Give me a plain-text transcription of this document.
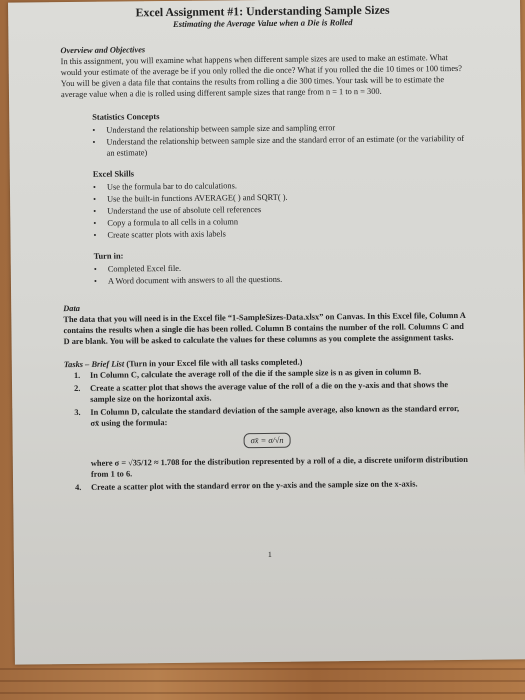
Excel Assignment #1: Understanding Sample Sizes

Estimating the Average Value when a Die is Rolled

Overview and Objectives

In this assignment, you will examine what happens when different sample sizes are used to make an estimate. What would your estimate of the average be if you only rolled the die once? What if you rolled the die 10 times or 100 times? You will be given a data file that contains the results from rolling a die 300 times. Your task will be to estimate the average value when a die is rolled using different sample sizes that range from n = 1 to n = 300.

Statistics Concepts

• Understand the relationship between sample size and sampling error
• Understand the relationship between sample size and the standard error of an estimate (or the variability of an estimate)

Excel Skills

• Use the formula bar to do calculations.
• Use the built-in functions AVERAGE( ) and SQRT( ).
• Understand the use of absolute cell references
• Copy a formula to all cells in a column
• Create scatter plots with axis labels

Turn in:

• Completed Excel file.
• A Word document with answers to all the questions.

Data

The data that you will need is in the Excel file “1-SampleSizes-Data.xlsx” on Canvas. In this Excel file, Column A contains the results when a single die has been rolled. Column B contains the number of the roll. Columns C and D are blank. You will be asked to calculate the values for these columns as you complete the assignment tasks.

Tasks – Brief List (Turn in your Excel file with all tasks completed.)

1. In Column C, calculate the average roll of the die if the sample size is n as given in column B.
2. Create a scatter plot that shows the average value of the roll of a die on the y-axis and that shows the sample size on the horizontal axis.
3. In Column D, calculate the standard deviation of the sample average, also known as the standard error, σx̄ using the formula:
σx̄ = σ/√n

where σ = √35/12 ≈ 1.708 for the distribution represented by a roll of a die, a discrete uniform distribution from 1 to 6.

4. Create a scatter plot with the standard error on the y-axis and the sample size on the x-axis.
1
